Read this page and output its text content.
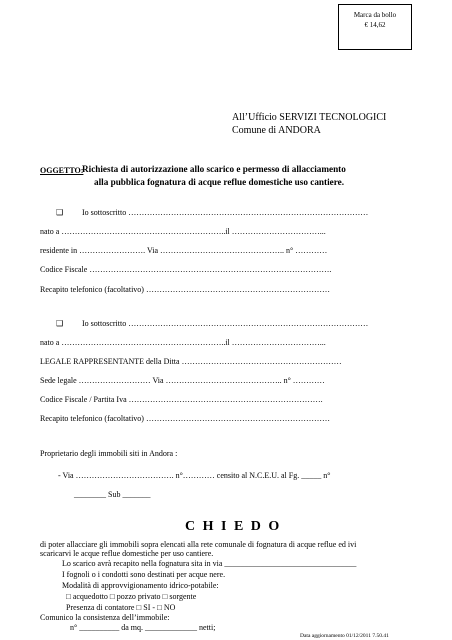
Marca da bollo
€ 14,62
All’Ufficio SERVIZI TECNOLOGICI
Comune di ANDORA
OGGETTO:
Richiesta di autorizzazione allo scarico e permesso di allacciamento
alla pubblica fognatura di acque reflue domestiche uso cantiere.
❑ Io sottoscritto ………………………………………………………………………………
nato a ……………………………………………………..il ……………………………...
residente in ……………………. Via ……………………………………….. n° …………
Codice Fiscale ……………………………………………………………………………….
Recapito telefonico (facoltativo) ……………………………………………………………
❑ Io sottoscritto ………………………………………………………………………………
nato a ……………………………………………………..il ……………………………...
LEGALE RAPPRESENTANTE della Ditta ……………………………………………………
Sede legale ……………………… Via …………………………………….. n° …………
Codice Fiscale / Partita Iva ……………………………………………………………….
Recapito telefonico (facoltativo) ……………………………………………………………
Proprietario degli immobili siti in Andora :
- Via ………………………………. n°………… censito al N.C.E.U. al Fg. _____ n°
________ Sub _______
C H I E D O
di poter allacciare gli immobili sopra elencati alla rete comunale di fognatura di acque reflue ed ivi
scaricarvi le acque reflue domestiche per uso cantiere.
Lo scarico avrà recapito nella fognatura sita in via _________________________________
I fognoli o i condotti sono destinati per acque nere.
Modalità di approvvigionamento idrico-potabile:
□ acquedotto □ pozzo privato □ sorgente
Presenza di contatore □ SI - □ NO
Comunico la consistenza dell’immobile:
n° __________ da mq. _____________ netti;
Data aggiornamento 01/12/2011 7.50.41
